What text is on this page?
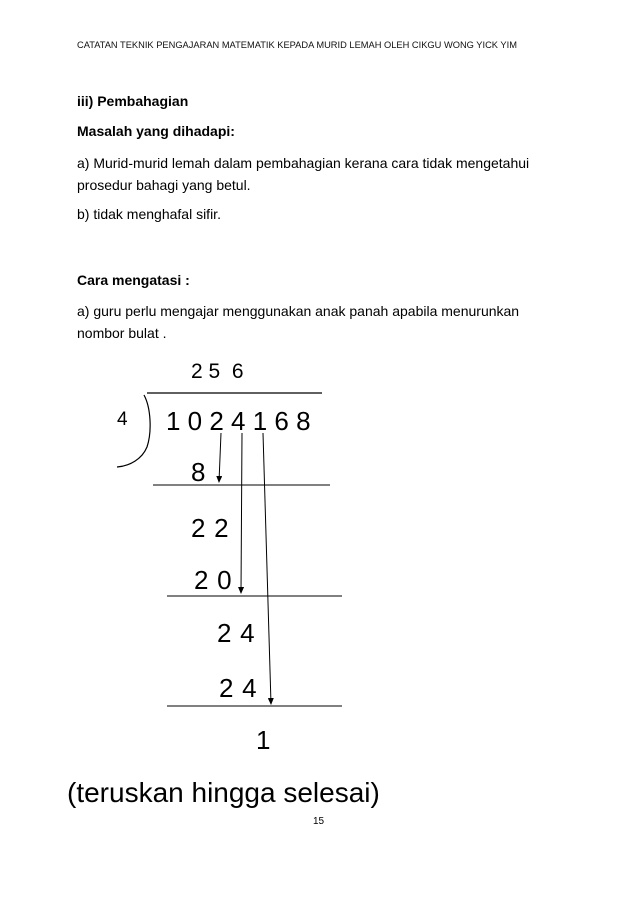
CATATAN TEKNIK PENGAJARAN MATEMATIK KEPADA MURID LEMAH OLEH CIKGU WONG YICK YIM
iii) Pembahagian
Masalah yang dihadapi:
a) Murid-murid lemah dalam pembahagian kerana cara tidak mengetahui
prosedur bahagi yang betul.
b) tidak menghafal sifir.
Cara mengatasi :
a) guru perlu mengajar menggunakan anak panah apabila menurunkan
nombor bulat .
2 5  6
4 1 0 2 4 1 6 8
8
2 2
2 0
2 4
2 4
1
(teruskan hingga selesai)
15
